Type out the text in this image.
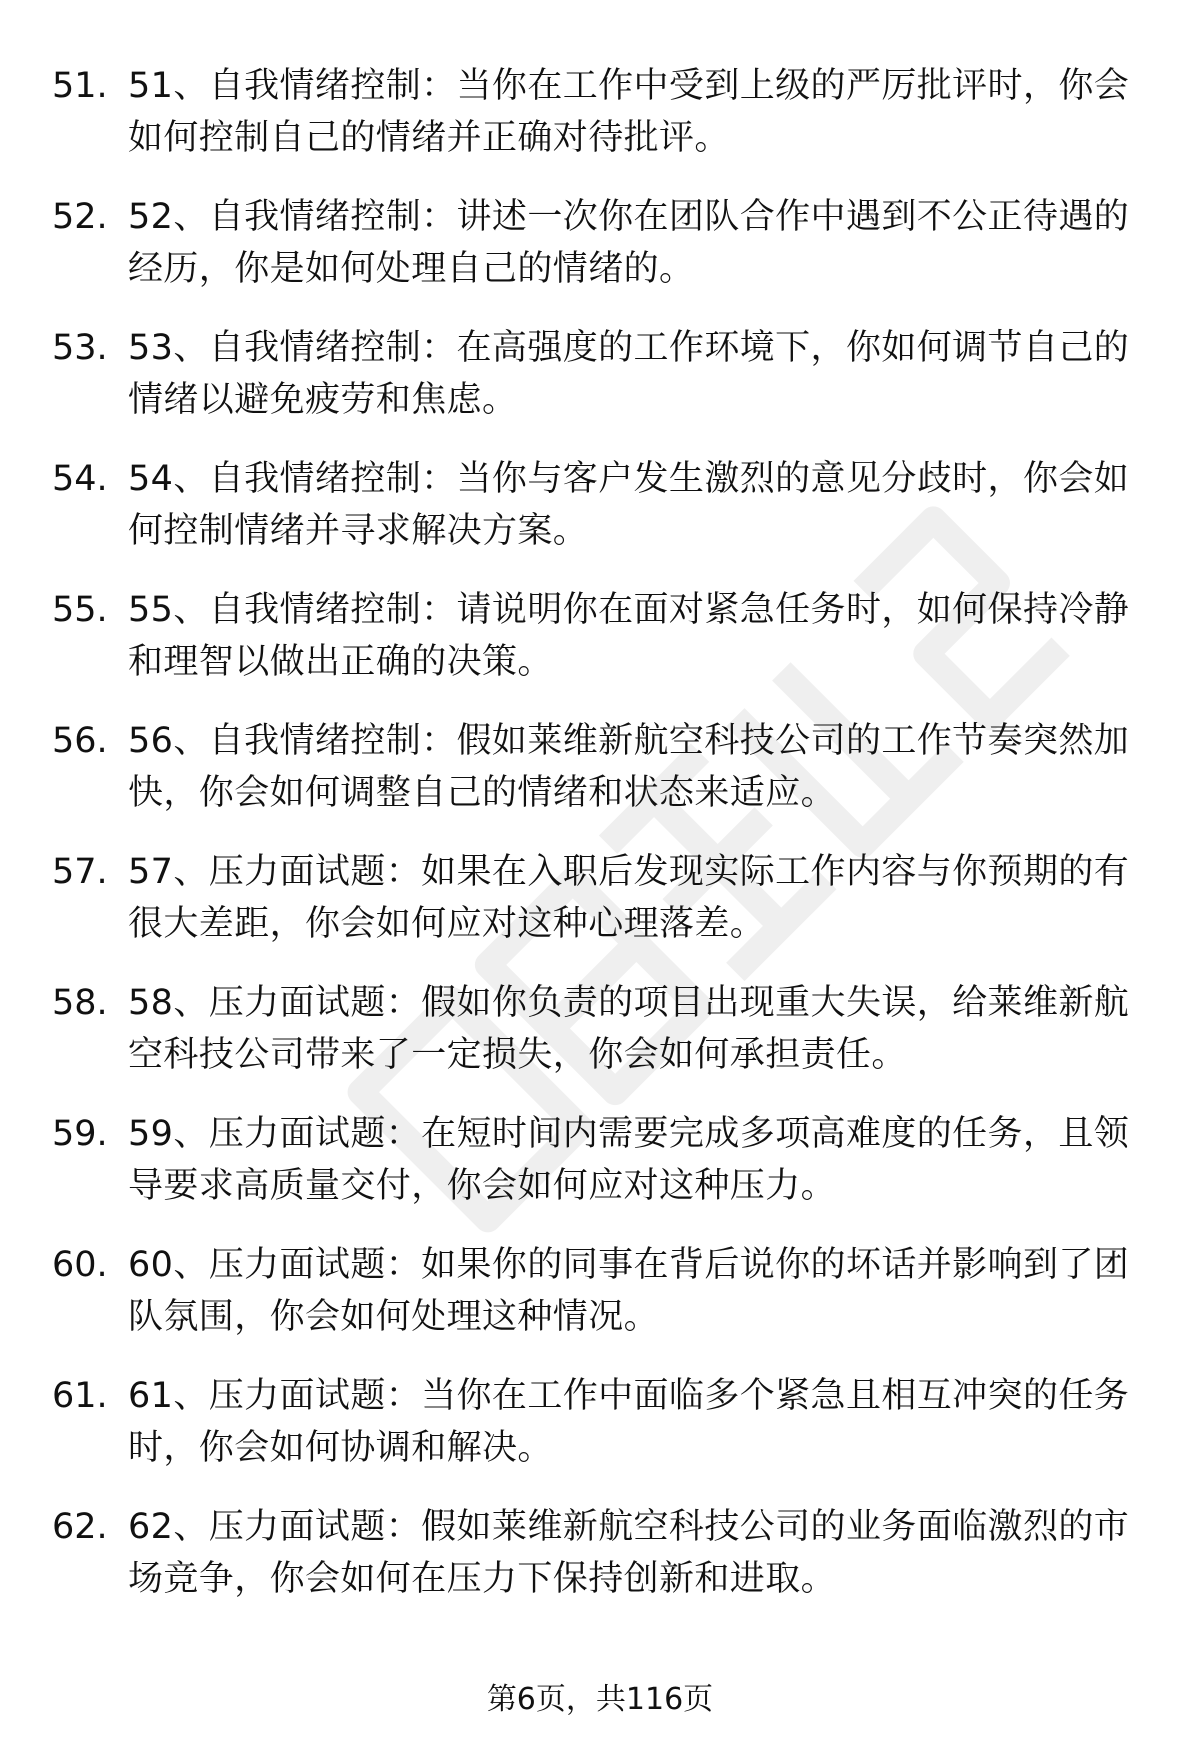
51. 51、自我情绪控制：当你在工作中受到上级的严厉批评时，你会如何控制自己的情绪并正确对待批评。
52. 52、自我情绪控制：讲述一次你在团队合作中遇到不公正待遇的经历，你是如何处理自己的情绪的。
53. 53、自我情绪控制：在高强度的工作环境下，你如何调节自己的情绪以避免疲劳和焦虑。
54. 54、自我情绪控制：当你与客户发生激烈的意见分歧时，你会如何控制情绪并寻求解决方案。
55. 55、自我情绪控制：请说明你在面对紧急任务时，如何保持冷静和理智以做出正确的决策。
56. 56、自我情绪控制：假如莱维新航空科技公司的工作节奏突然加快，你会如何调整自己的情绪和状态来适应。
57. 57、压力面试题：如果在入职后发现实际工作内容与你预期的有很大差距，你会如何应对这种心理落差。
58. 58、压力面试题：假如你负责的项目出现重大失误，给莱维新航空科技公司带来了一定损失，你会如何承担责任。
59. 59、压力面试题：在短时间内需要完成多项高难度的任务，且领导要求高质量交付，你会如何应对这种压力。
60. 60、压力面试题：如果你的同事在背后说你的坏话并影响到了团队氛围，你会如何处理这种情况。
61. 61、压力面试题：当你在工作中面临多个紧急且相互冲突的任务时，你会如何协调和解决。
62. 62、压力面试题：假如莱维新航空科技公司的业务面临激烈的市场竞争，你会如何在压力下保持创新和进取。
第6页，共116页
